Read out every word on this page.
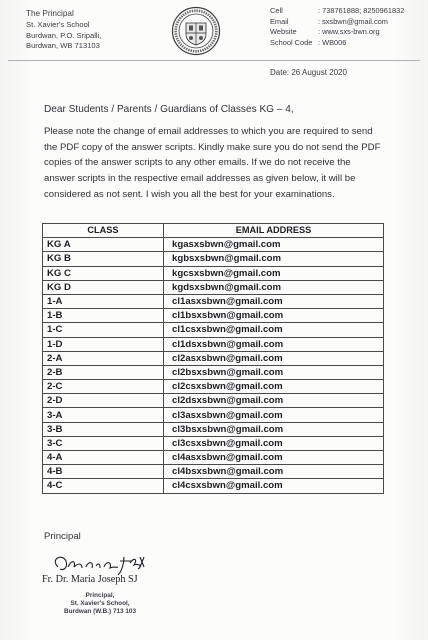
The Principal
St. Xavier's School
Burdwan, P.O. Sripalli,
Burdwan, WB 713103
Cell	: 738761888; 8250961832
Email	: sxsbwn@gmail.com
Website	: www.sxs-bwn.org
School Code : WB006
Date: 26 August 2020
Dear Students / Parents / Guardians of Classes KG – 4,
Please note the change of email addresses to which you are required to send the PDF copy of the answer scripts. Kindly make sure you do not send the PDF copies of the answer scripts to any other emails. If we do not receive the answer scripts in the respective email addresses as given below, it will be considered as not sent. I wish you all the best for your examinations.
CLASS	EMAIL ADDRESS
KG A	kgasxsbwn@gmail.com
KG B	kgbsxsbwn@gmail.com
KG C	kgcsxsbwn@gmail.com
KG D	kgdsxsbwn@gmail.com
1-A	cl1asxsbwn@gmail.com
1-B	cl1bsxsbwn@gmail.com
1-C	cl1csxsbwn@gmail.com
1-D	cl1dsxsbwn@gmail.com
2-A	cl2asxsbwn@gmail.com
2-B	cl2bsxsbwn@gmail.com
2-C	cl2csxsbwn@gmail.com
2-D	cl2dsxsbwn@gmail.com
3-A	cl3asxsbwn@gmail.com
3-B	cl3bsxsbwn@gmail.com
3-C	cl3csxsbwn@gmail.com
4-A	cl4asxsbwn@gmail.com
4-B	cl4bsxsbwn@gmail.com
4-C	cl4csxsbwn@gmail.com
Principal
Fr. Dr. Maria Joseph SJ
Principal,
St. Xavier's School,
Burdwan (W.B.) 713 103
